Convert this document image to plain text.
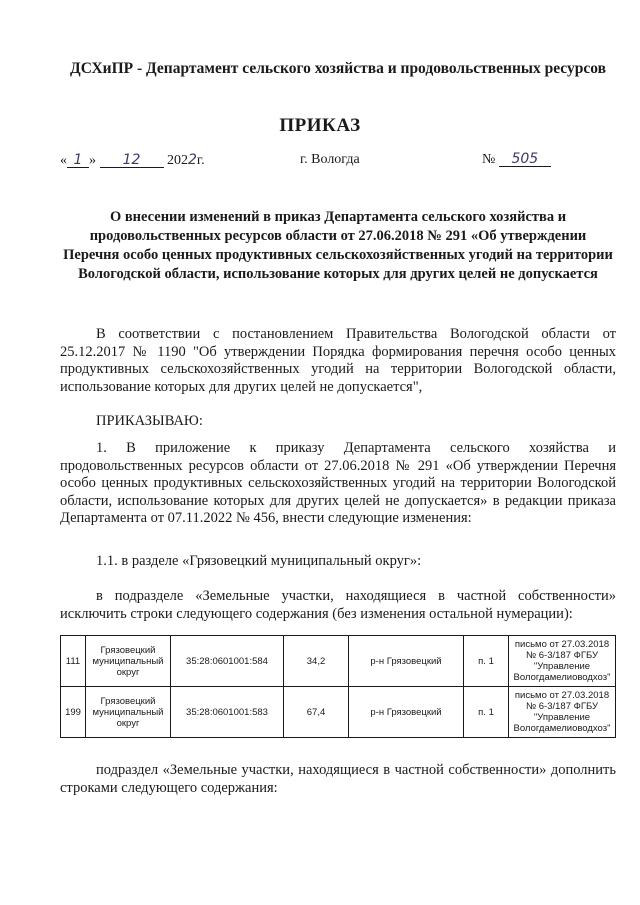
ДСХиПР - Департамент сельского хозяйства и продовольственных ресурсов
ПРИКАЗ
« 1 » 12 2022г.	г. Вологда	№ 505
О внесении изменений в приказ Департамента сельского хозяйства и продовольственных ресурсов области от 27.06.2018 № 291 «Об утверждении Перечня особо ценных продуктивных сельскохозяйственных угодий на территории Вологодской области, использование которых для других целей не допускается
В соответствии с постановлением Правительства Вологодской области от 25.12.2017 № 1190 "Об утверждении Порядка формирования перечня особо ценных продуктивных сельскохозяйственных угодий на территории Вологодской области, использование которых для других целей не допускается",
ПРИКАЗЫВАЮ:
1. В приложение к приказу Департамента сельского хозяйства и продовольственных ресурсов области от 27.06.2018 № 291 «Об утверждении Перечня особо ценных продуктивных сельскохозяйственных угодий на территории Вологодской области, использование которых для других целей не допускается» в редакции приказа Департамента от 07.11.2022 № 456, внести следующие изменения:
1.1. в разделе «Грязовецкий муниципальный округ»:
в подразделе «Земельные участки, находящиеся в частной собственности» исключить строки следующего содержания (без изменения остальной нумерации):
111	Грязовецкий муниципальный округ	35:28:0601001:584	34,2	р-н Грязовецкий	п. 1	письмо от 27.03.2018 № 6-3/187 ФГБУ "Управление Вологдамелиоводхоз"
199	Грязовецкий муниципальный округ	35:28:0601001:583	67,4	р-н Грязовецкий	п. 1	письмо от 27.03.2018 № 6-3/187 ФГБУ "Управление Вологдамелиоводхоз"
подраздел «Земельные участки, находящиеся в частной собственности» дополнить строками следующего содержания:
